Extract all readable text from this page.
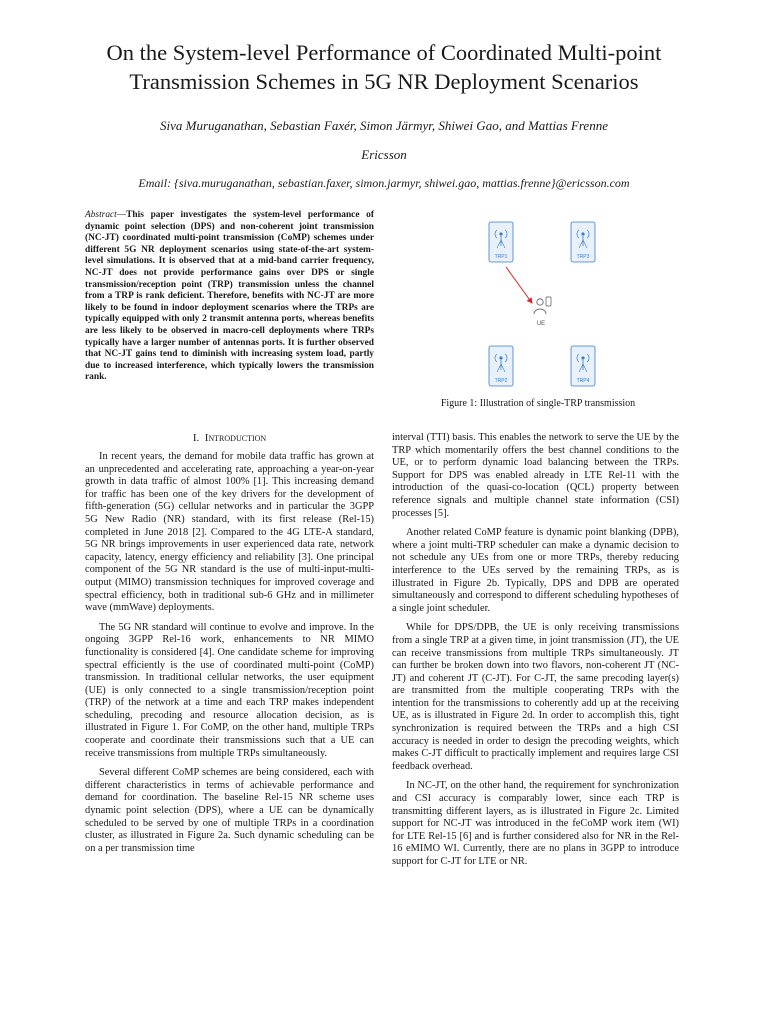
On the System-level Performance of Coordinated Multi-point
Transmission Schemes in 5G NR Deployment Scenarios
Siva Muruganathan, Sebastian Faxér, Simon Järmyr, Shiwei Gao, and Mattias Frenne
Ericsson
Email: {siva.muruganathan, sebastian.faxer, simon.jarmyr, shiwei.gao, mattias.frenne}@ericsson.com
Abstract—This paper investigates the system-level performance of dynamic point selection (DPS) and non-coherent joint transmission (NC-JT) coordinated multi-point transmission (CoMP) schemes under different 5G NR deployment scenarios using state-of-the-art system-level simulations. It is observed that at a mid-band carrier frequency, NC-JT does not provide performance gains over DPS or single transmission/reception point (TRP) transmission unless the channel from a TRP is rank deficient. Therefore, benefits with NC-JT are more likely to be found in indoor deployment scenarios where the TRPs are typically equipped with only 2 transmit antenna ports, whereas benefits are less likely to be observed in macro-cell deployments where TRPs typically have a larger number of antennas ports. It is further observed that NC-JT gains tend to diminish with increasing system load, partly due to increased interference, which typically lowers the transmission rank.
TRP1	TRP3
TRP2	TRP4
UE
Figure 1: Illustration of single-TRP transmission
I. Introduction

In recent years, the demand for mobile data traffic has grown at an unprecedented and accelerating rate, approaching a year-on-year growth in data traffic of almost 100% [1]. This increasing demand for traffic has been one of the key drivers for the development of fifth-generation (5G) cellular networks and in particular the 3GPP 5G New Radio (NR) standard, with its first release (Rel-15) completed in June 2018 [2]. Compared to the 4G LTE-A standard, 5G NR brings improvements in user experienced data rate, network capacity, latency, energy efficiency and reliability [3]. One principal component of the 5G NR standard is the use of multi-input-multi-output (MIMO) transmission techniques for improved coverage and spectral efficiency, both in traditional sub-6 GHz and in millimeter wave (mmWave) deployments.

The 5G NR standard will continue to evolve and improve. In the ongoing 3GPP Rel-16 work, enhancements to NR MIMO functionality is considered [4]. One candidate scheme for improving spectral efficiently is the use of coordinated multi-point (CoMP) transmission. In traditional cellular networks, the user equipment (UE) is only connected to a single transmission/reception point (TRP) of the network at a time and each TRP makes independent scheduling, precoding and resource allocation decision, as is illustrated in Figure 1. For CoMP, on the other hand, multiple TRPs cooperate and coordinate their transmissions such that a UE can receive transmissions from multiple TRPs simultaneously.

Several different CoMP schemes are being considered, each with different characteristics in terms of achievable performance and demand for coordination. The baseline Rel-15 NR scheme uses dynamic point selection (DPS), where a UE can be dynamically scheduled to be served by one of multiple TRPs in a coordination cluster, as illustrated in Figure 2a. Such dynamic scheduling can be on a per transmission time

interval (TTI) basis. This enables the network to serve the UE by the TRP which momentarily offers the best channel conditions to the UE, or to perform dynamic load balancing between the TRPs. Support for DPS was enabled already in LTE Rel-11 with the introduction of the quasi-co-location (QCL) property between reference signals and multiple channel state information (CSI) processes [5].

Another related CoMP feature is dynamic point blanking (DPB), where a joint multi-TRP scheduler can make a dynamic decision to not schedule any UEs from one or more TRPs, thereby reducing interference to the UEs served by the remaining TRPs, as is illustrated in Figure 2b. Typically, DPS and DPB are operated simultaneously and correspond to different scheduling hypotheses of a single joint scheduler.

While for DPS/DPB, the UE is only receiving transmissions from a single TRP at a given time, in joint transmission (JT), the UE can receive transmissions from multiple TRPs simultaneously. JT can further be broken down into two flavors, non-coherent JT (NC-JT) and coherent JT (C-JT). For C-JT, the same precoding layer(s) are transmitted from the multiple cooperating TRPs with the intention for the transmissions to coherently add up at the receiving UE, as is illustrated in Figure 2d. In order to accomplish this, tight synchronization is required between the TRPs and a high CSI accuracy is needed in order to design the precoding weights, which makes C-JT difficult to practically implement and requires large CSI feedback overhead.

In NC-JT, on the other hand, the requirement for synchronization and CSI accuracy is comparably lower, since each TRP is transmitting different layers, as is illustrated in Figure 2c. Limited support for NC-JT was introduced in the feCoMP work item (WI) for LTE Rel-15 [6] and is further considered also for NR in the Rel-16 eMIMO WI. Currently, there are no plans in 3GPP to introduce support for C-JT for LTE or NR.
